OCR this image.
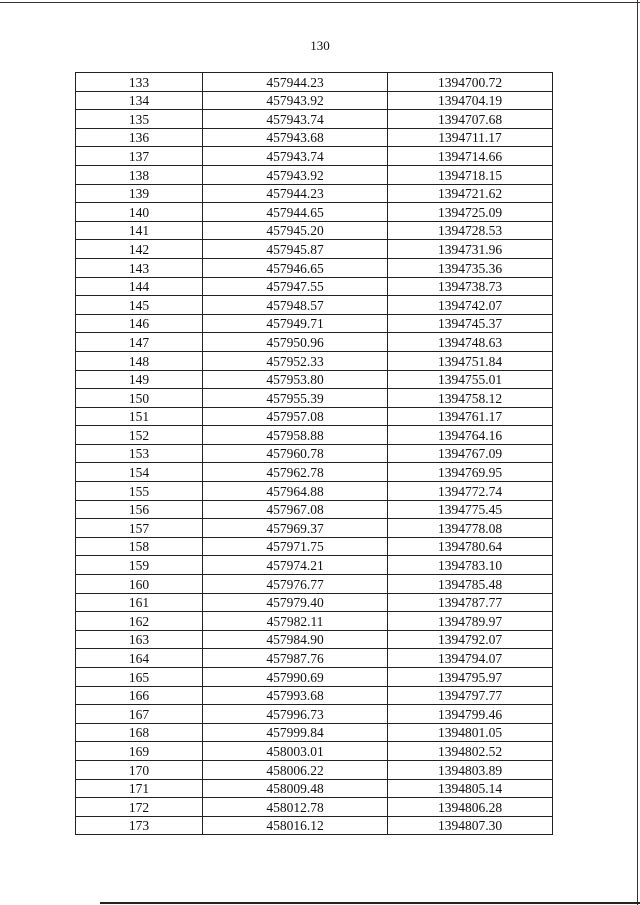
130
133	457944.23	1394700.72
134	457943.92	1394704.19
135	457943.74	1394707.68
136	457943.68	1394711.17
137	457943.74	1394714.66
138	457943.92	1394718.15
139	457944.23	1394721.62
140	457944.65	1394725.09
141	457945.20	1394728.53
142	457945.87	1394731.96
143	457946.65	1394735.36
144	457947.55	1394738.73
145	457948.57	1394742.07
146	457949.71	1394745.37
147	457950.96	1394748.63
148	457952.33	1394751.84
149	457953.80	1394755.01
150	457955.39	1394758.12
151	457957.08	1394761.17
152	457958.88	1394764.16
153	457960.78	1394767.09
154	457962.78	1394769.95
155	457964.88	1394772.74
156	457967.08	1394775.45
157	457969.37	1394778.08
158	457971.75	1394780.64
159	457974.21	1394783.10
160	457976.77	1394785.48
161	457979.40	1394787.77
162	457982.11	1394789.97
163	457984.90	1394792.07
164	457987.76	1394794.07
165	457990.69	1394795.97
166	457993.68	1394797.77
167	457996.73	1394799.46
168	457999.84	1394801.05
169	458003.01	1394802.52
170	458006.22	1394803.89
171	458009.48	1394805.14
172	458012.78	1394806.28
173	458016.12	1394807.30
